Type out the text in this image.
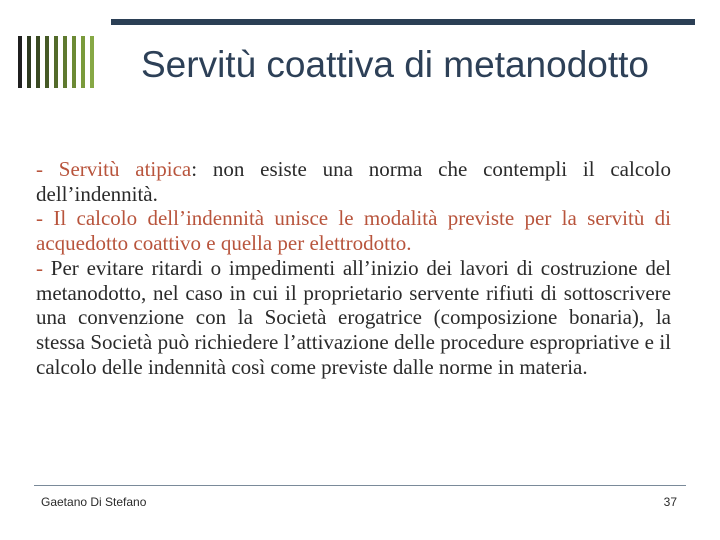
Servitù coattiva di metanodotto

- Servitù atipica: non esiste una norma che contempli il calcolo dell’indennità.

- Il calcolo dell’indennità unisce le modalità previste per la servitù di acquedotto coattivo e quella per elettrodotto.

- Per evitare ritardi o impedimenti all’inizio dei lavori di costruzione del metanodotto, nel caso in cui il proprietario servente rifiuti di sottoscrivere una convenzione con la Società erogatrice (composizione bonaria), la stessa Società può richiedere l’attivazione delle procedure espropriative e il calcolo delle indennità così come previste dalle norme in materia.

Gaetano Di Stefano	37
